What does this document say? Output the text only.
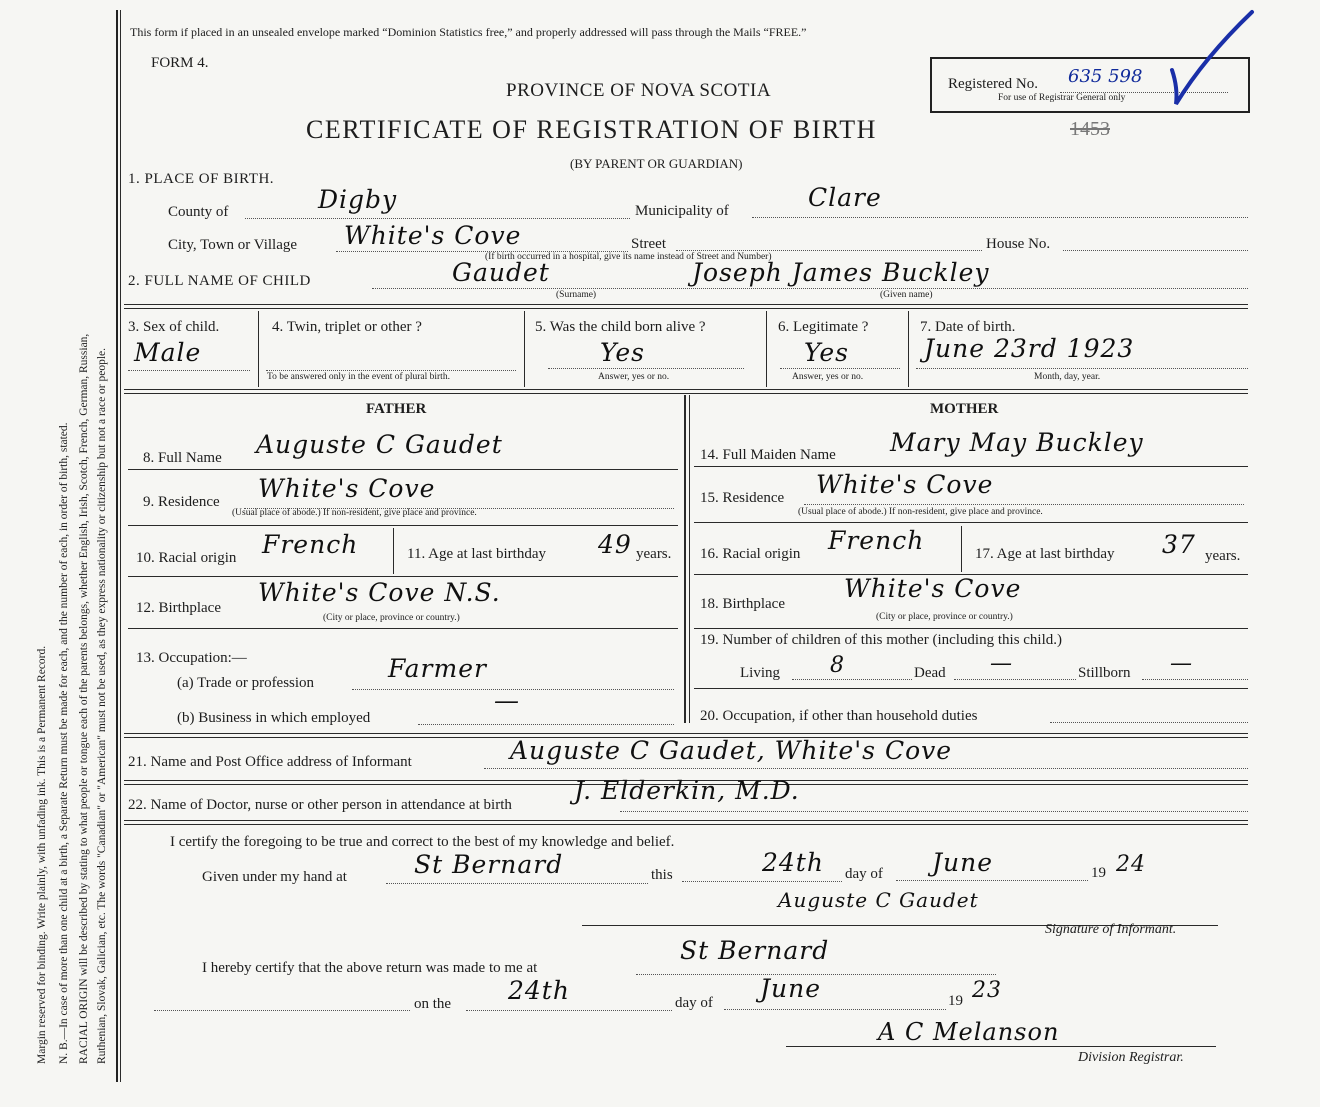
Margin reserved for binding. Write plainly, with unfading ink. This is a Permanent Record. N. B.—In case of more than one child at a birth, a Separate Return must be made for each, and the number of each, in order of birth, stated. RACIAL ORIGIN will be described by stating to what people or tongue each of the parents belongs, whether English, Irish, Scotch, French, German, Russian, Ruthenian, Slovak, Galician, etc. The words "Canadian" or "American" must not be used, as they express nationality or citizenship but not a race or people.
This form if placed in an unsealed envelope marked “Dominion Statistics free,” and properly addressed will pass through the Mails “FREE.”
FORM 4.
PROVINCE OF NOVA SCOTIA
CERTIFICATE OF REGISTRATION OF BIRTH
(BY PARENT OR GUARDIAN)
1453
Registered No. 635 598
For use of Registrar General only
1. PLACE OF BIRTH.
County of	Digby	Municipality of	Clare
City, Town or Village White's Cove	Street
(If birth occurred in a hospital, give its name instead of Street and Number)
House No.
2. FULL NAME OF CHILD	Gaudet	Joseph James Buckley
(Surname)	(Given name)
3. Sex of child.
Male
4. Twin, triplet or other ?
To be answered only in the event of plural birth.
5. Was the child born alive ?
Yes
Answer, yes or no.
6. Legitimate ?
Yes
Answer, yes or no.
7. Date of birth.
June 23rd 1923
Month, day, year.
FATHER
8. Full Name Auguste C Gaudet
9. Residence White's Cove
(Usual place of abode.) If non-resident, give place and province.
10. Racial origin French	11. Age at last birthday 49 years.
12. Birthplace
White's Cove N.S.
(City or place, province or country.)
13. Occupation:—
(a) Trade or profession	Farmer
(b) Business in which employed
—
MOTHER
14. Full Maiden Name Mary May Buckley
15. Residence White's Cove
(Usual place of abode.) If non-resident, give place and province.
16. Racial origin French	17. Age at last birthday 37 years.
18. Birthplace
White's Cove
(City or place, province or country.)
19. Number of children of this mother (including this child.)
Living 8	Dead —	Stillborn —
20. Occupation, if other than household duties
21. Name and Post Office address of Informant	Auguste C Gaudet, White's Cove
22. Name of Doctor, nurse or other person in attendance at birth J. Elderkin, M.D.
I certify the foregoing to be true and correct to the best of my knowledge and belief.
Given under my hand at	St Bernard	this	24th day of June	19 24
Auguste C Gaudet
Signature of Informant.
I hereby certify that the above return was made to me at
St Bernard
on the 24th	day of June	19 23
A C Melanson
Division Registrar.
